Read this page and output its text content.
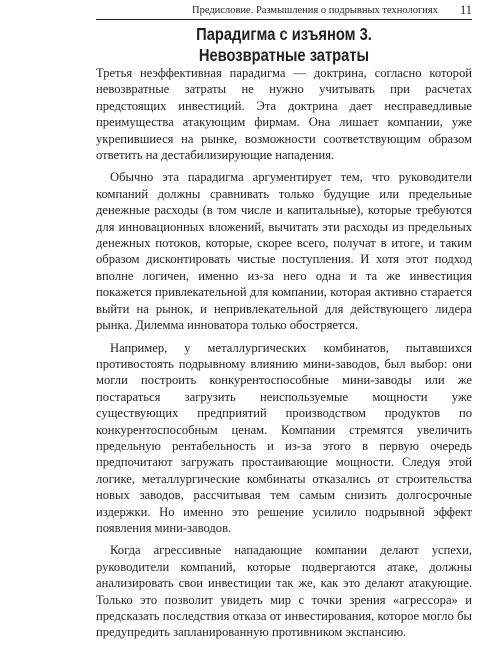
Предисловие. Размышления о подрывных технологиях 11
Парадигма с изъяном 3.
Невозвратные затраты

Третья неэффективная парадигма — доктрина, согласно которой невозвратные затраты не нужно учитывать при расчетах предстоящих инвестиций. Эта доктрина дает несправедливые преимущества атакующим фирмам. Она лишает компании, уже укрепившиеся на рынке, возможности соответствующим образом ответить на дестабилизирующие нападения.

Обычно эта парадигма аргументирует тем, что руководители компаний должны сравнивать только будущие или предельные денежные расходы (в том числе и капитальные), которые требуются для инновационных вложений, вычитать эти расходы из предельных денежных потоков, которые, скорее всего, получат в итоге, и таким образом дисконтировать чистые поступления. И хотя этот подход вполне логичен, именно из-за него одна и та же инвестиция покажется привлекательной для компании, которая активно старается выйти на рынок, и непривлекательной для действующего лидера рынка. Дилемма инноватора только обостряется.

Например, у металлургических комбинатов, пытавшихся противостоять подрывному влиянию мини-заводов, был выбор: они могли построить конкурентоспособные мини-заводы или же постараться загрузить неиспользуемые мощности уже существующих предприятий производством продуктов по конкурентоспособным ценам. Компании стремятся увеличить предельную рентабельность и из-за этого в первую очередь предпочитают загружать простаивающие мощности. Следуя этой логике, металлургические комбинаты отказались от строительства новых заводов, рассчитывая тем самым снизить долгосрочные издержки. Но именно это решение усилило подрывной эффект появления мини-заводов.

Когда агрессивные нападающие компании делают успехи, руководители компаний, которые подвергаются атаке, должны анализировать свои инвестиции так же, как это делают атакующие. Только это позволит увидеть мир с точки зрения «агрессора» и предсказать последствия отказа от инвестирования, которое могло бы предупредить запланированную противником экспансию.
